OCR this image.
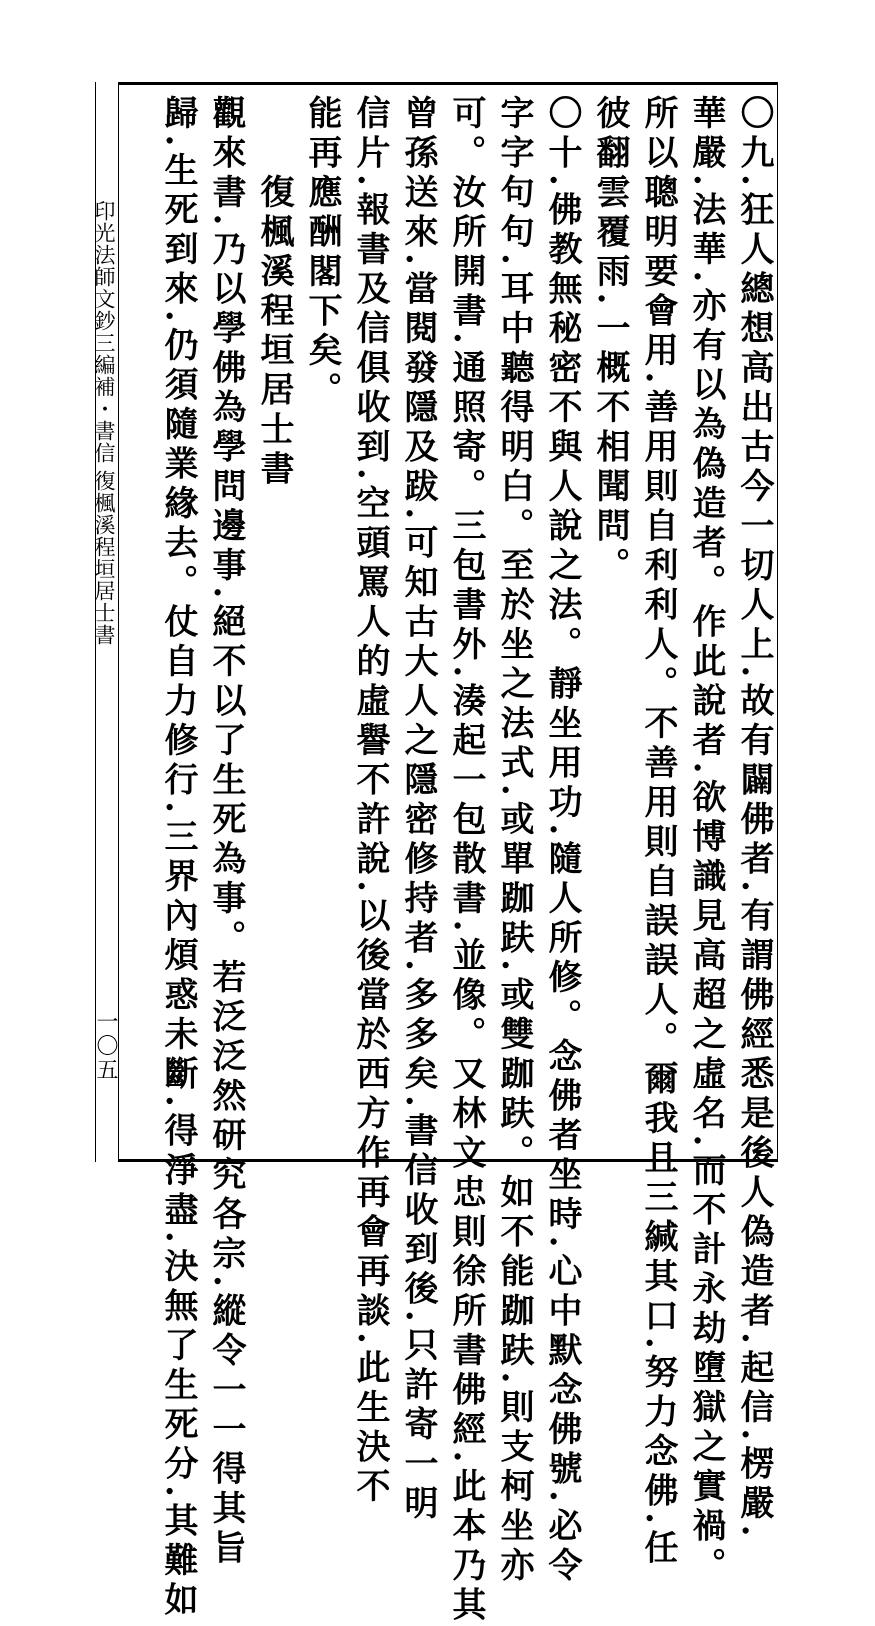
印光法師文鈔三編補・書信
復楓溪程垣居士書
一〇五	〇九.狂人總想高出古今一切人上.故有闢佛者.有謂佛經悉是後人偽造者.起信.楞嚴.
華嚴.法華.亦有以為偽造者。作此說者.欲博識見高超之虛名.而不計永劫墮獄之實禍。
所以聰明要會用.善用則自利利人。不善用則自誤誤人。爾我且三緘其口.努力念佛.任
彼翻雲覆雨.一概不相聞問。
〇十.佛教無秘密不與人說之法。靜坐用功.隨人所修。念佛者坐時.心中默念佛號.必令
字字句句.耳中聽得明白。至於坐之法式.或單跏趺.或雙跏趺。如不能跏趺.則支柯坐亦
可。汝所開書.通照寄。三包書外.湊起一包散書.並像。又林文忠則徐所書佛經.此本乃其
曾孫送來.當閱發隱及跋.可知古大人之隱密修持者.多多矣.書信收到後.只許寄一明
信片.報書及信俱收到.空頭罵人的虛譽不許說.以後當於西方作再會再談.此生決不
能再應酬閣下矣。
　　復楓溪程垣居士書
觀來書.乃以學佛為學問邊事.絕不以了生死為事。若泛泛然研究各宗.縱令一一得其旨
歸.生死到來.仍須隨業緣去。仗自力修行.三界內煩惑未斷.得淨盡.決無了生死分.其難如
